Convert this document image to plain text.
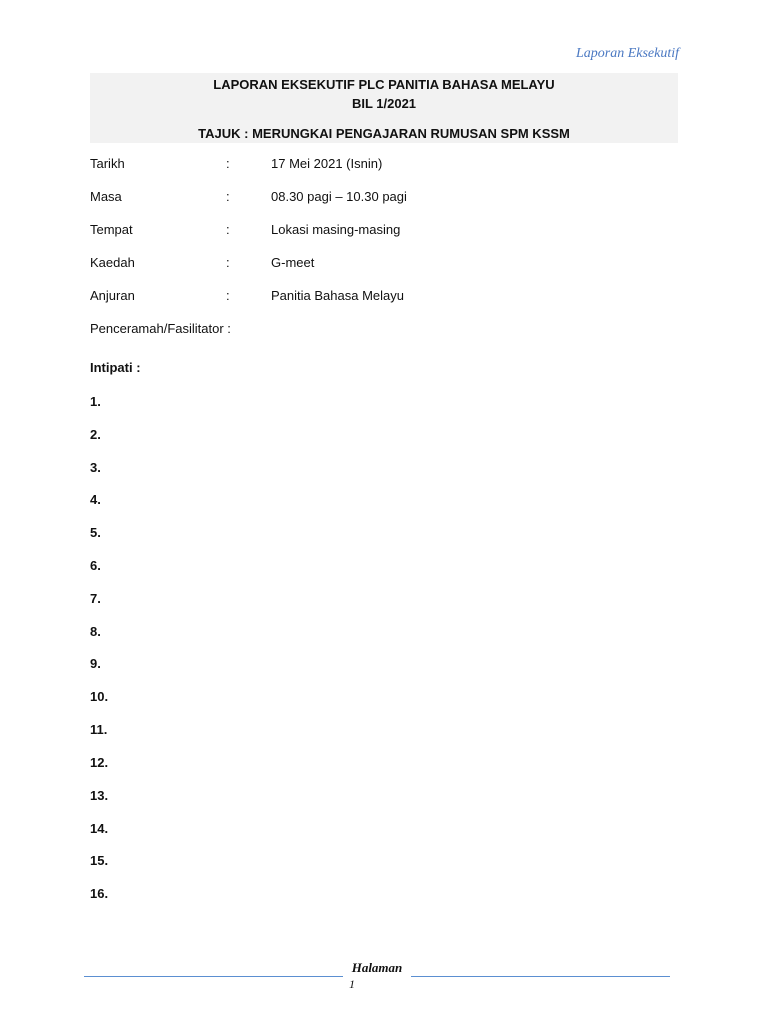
Laporan Eksekutif
LAPORAN EKSEKUTIF PLC PANITIA BAHASA MELAYU
BIL 1/2021
TAJUK : MERUNGKAI PENGAJARAN RUMUSAN SPM KSSM
Tarikh	:	17 Mei 2021 (Isnin)
Masa	:	08.30 pagi – 10.30 pagi
Tempat	:	Lokasi masing-masing
Kaedah	:	G-meet
Anjuran	:	Panitia Bahasa Melayu
Penceramah/Fasilitator :
Intipati :
1.
2.
3.
4.
5.
6.
7.
8.
9.
10.
11.
12.
13.
14.
15.
16.
Halaman
1
